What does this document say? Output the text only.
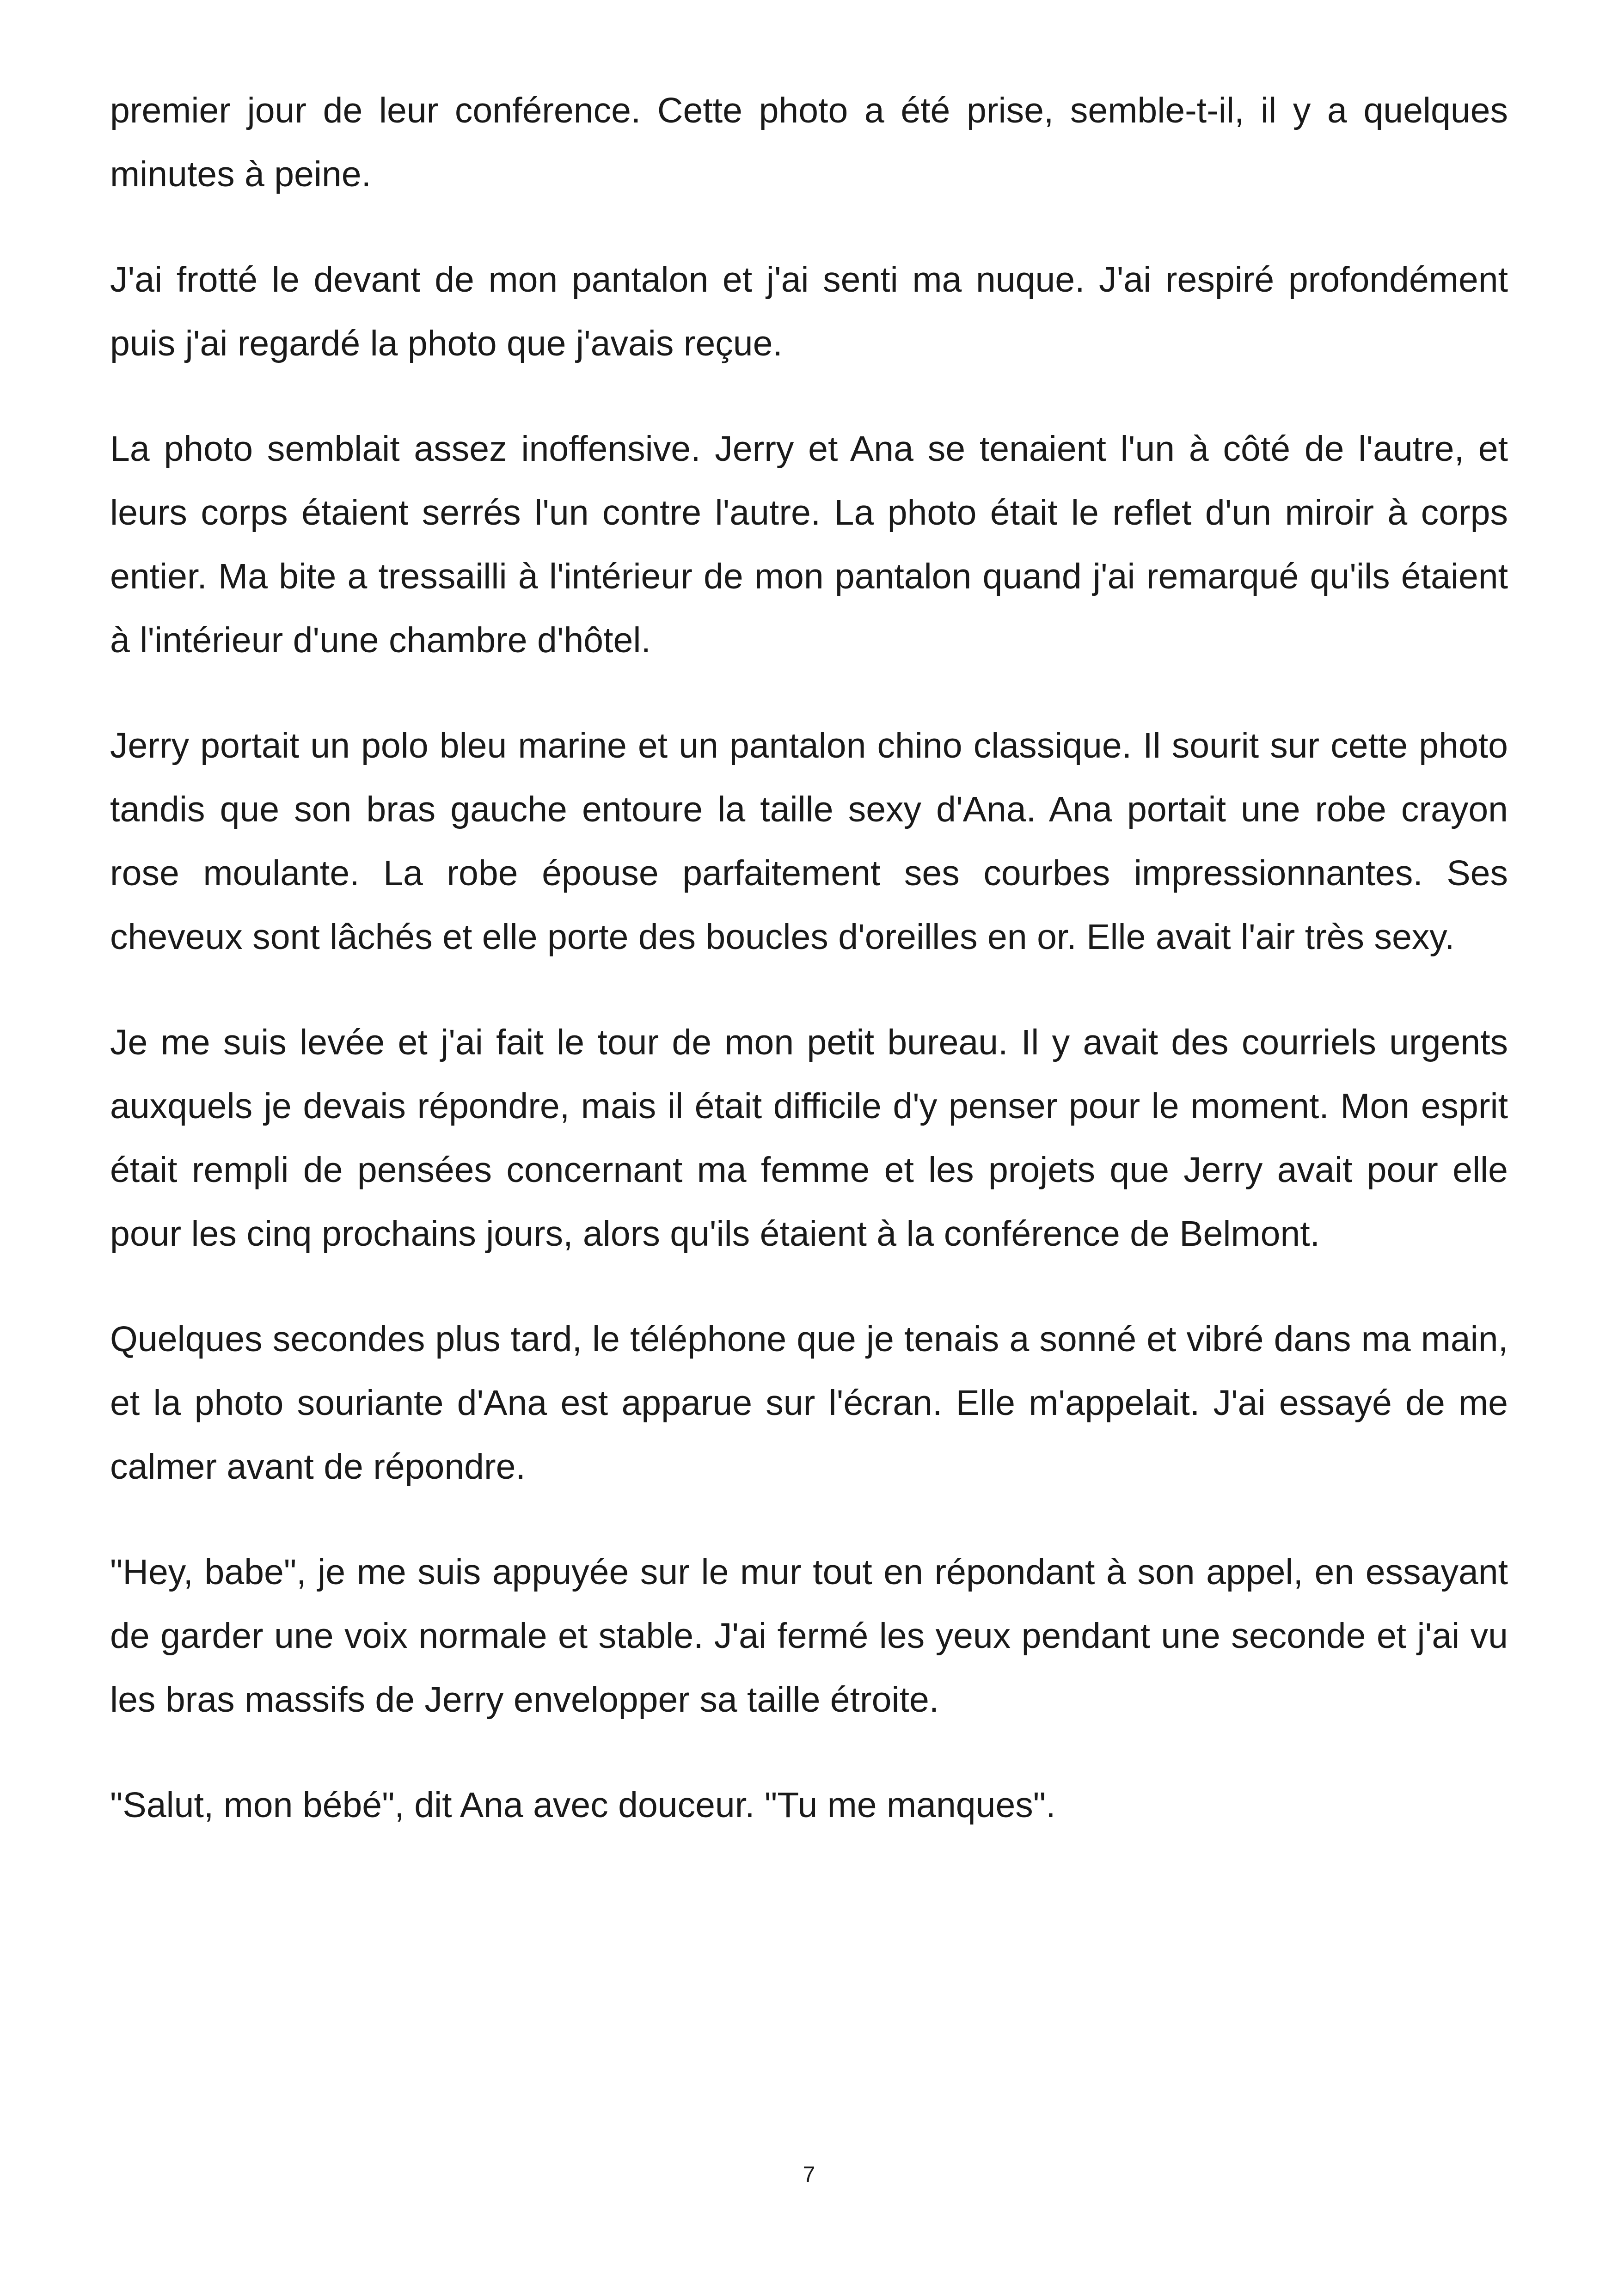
premier jour de leur conférence. Cette photo a été prise, semble-t-il, il y a quelques minutes à peine.

J'ai frotté le devant de mon pantalon et j'ai senti ma nuque. J'ai respiré profondément puis j'ai regardé la photo que j'avais reçue.

La photo semblait assez inoffensive. Jerry et Ana se tenaient l'un à côté de l'autre, et leurs corps étaient serrés l'un contre l'autre. La photo était le reflet d'un miroir à corps entier. Ma bite a tressailli à l'intérieur de mon pantalon quand j'ai remarqué qu'ils étaient à l'intérieur d'une chambre d'hôtel.

Jerry portait un polo bleu marine et un pantalon chino classique. Il sourit sur cette photo tandis que son bras gauche entoure la taille sexy d'Ana. Ana portait une robe crayon rose moulante. La robe épouse parfaitement ses courbes impressionnantes. Ses cheveux sont lâchés et elle porte des boucles d'oreilles en or. Elle avait l'air très sexy.

Je me suis levée et j'ai fait le tour de mon petit bureau. Il y avait des courriels urgents auxquels je devais répondre, mais il était difficile d'y penser pour le moment. Mon esprit était rempli de pensées concernant ma femme et les projets que Jerry avait pour elle pour les cinq prochains jours, alors qu'ils étaient à la conférence de Belmont.

Quelques secondes plus tard, le téléphone que je tenais a sonné et vibré dans ma main, et la photo souriante d'Ana est apparue sur l'écran. Elle m'appelait. J'ai essayé de me calmer avant de répondre.

"Hey, babe", je me suis appuyée sur le mur tout en répondant à son appel, en essayant de garder une voix normale et stable. J'ai fermé les yeux pendant une seconde et j'ai vu les bras massifs de Jerry envelopper sa taille étroite.

"Salut, mon bébé", dit Ana avec douceur. "Tu me manques".

7
